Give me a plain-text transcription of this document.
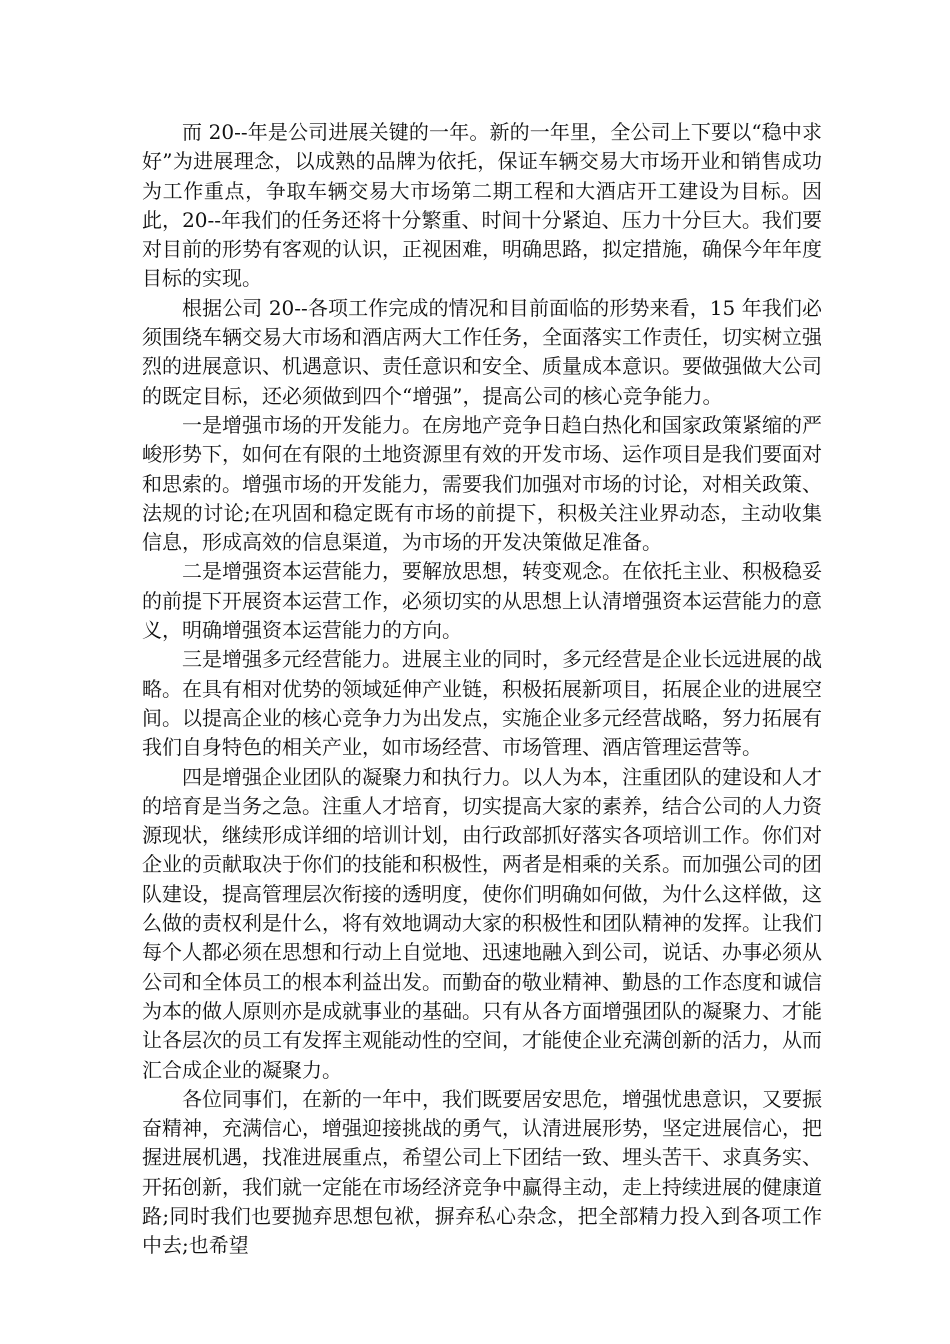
而 20--年是公司进展关键的一年。新的一年里，全公司上下要以“稳中求好”为进展理念，以成熟的品牌为依托，保证车辆交易大市场开业和销售成功为工作重点，争取车辆交易大市场第二期工程和大酒店开工建设为目标。因此，20--年我们的任务还将十分繁重、时间十分紧迫、压力十分巨大。我们要对目前的形势有客观的认识，正视困难，明确思路，拟定措施，确保今年年度目标的实现。

根据公司 20--各项工作完成的情况和目前面临的形势来看，15 年我们必须围绕车辆交易大市场和酒店两大工作任务，全面落实工作责任，切实树立强烈的进展意识、机遇意识、责任意识和安全、质量成本意识。要做强做大公司的既定目标，还必须做到四个“增强”，提高公司的核心竞争能力。

一是增强市场的开发能力。在房地产竞争日趋白热化和国家政策紧缩的严峻形势下，如何在有限的土地资源里有效的开发市场、运作项目是我们要面对和思索的。增强市场的开发能力，需要我们加强对市场的讨论，对相关政策、法规的讨论;在巩固和稳定既有市场的前提下，积极关注业界动态，主动收集信息，形成高效的信息渠道，为市场的开发决策做足准备。

二是增强资本运营能力，要解放思想，转变观念。在依托主业、积极稳妥的前提下开展资本运营工作，必须切实的从思想上认清增强资本运营能力的意义，明确增强资本运营能力的方向。

三是增强多元经营能力。进展主业的同时，多元经营是企业长远进展的战略。在具有相对优势的领域延伸产业链，积极拓展新项目，拓展企业的进展空间。以提高企业的核心竞争力为出发点，实施企业多元经营战略，努力拓展有我们自身特色的相关产业，如市场经营、市场管理、酒店管理运营等。

四是增强企业团队的凝聚力和执行力。以人为本，注重团队的建设和人才的培育是当务之急。注重人才培育，切实提高大家的素养，结合公司的人力资源现状，继续形成详细的培训计划，由行政部抓好落实各项培训工作。你们对企业的贡献取决于你们的技能和积极性，两者是相乘的关系。而加强公司的团队建设，提高管理层次衔接的透明度，使你们明确如何做，为什么这样做，这么做的责权利是什么，将有效地调动大家的积极性和团队精神的发挥。让我们每个人都必须在思想和行动上自觉地、迅速地融入到公司，说话、办事必须从公司和全体员工的根本利益出发。而勤奋的敬业精神、勤恳的工作态度和诚信为本的做人原则亦是成就事业的基础。只有从各方面增强团队的凝聚力、才能让各层次的员工有发挥主观能动性的空间，才能使企业充满创新的活力，从而汇合成企业的凝聚力。

各位同事们，在新的一年中，我们既要居安思危，增强忧患意识，又要振奋精神，充满信心，增强迎接挑战的勇气，认清进展形势，坚定进展信心，把握进展机遇，找准进展重点，希望公司上下团结一致、埋头苦干、求真务实、开拓创新，我们就一定能在市场经济竞争中赢得主动，走上持续进展的健康道路;同时我们也要抛弃思想包袱，摒弃私心杂念，把全部精力投入到各项工作中去;也希望
